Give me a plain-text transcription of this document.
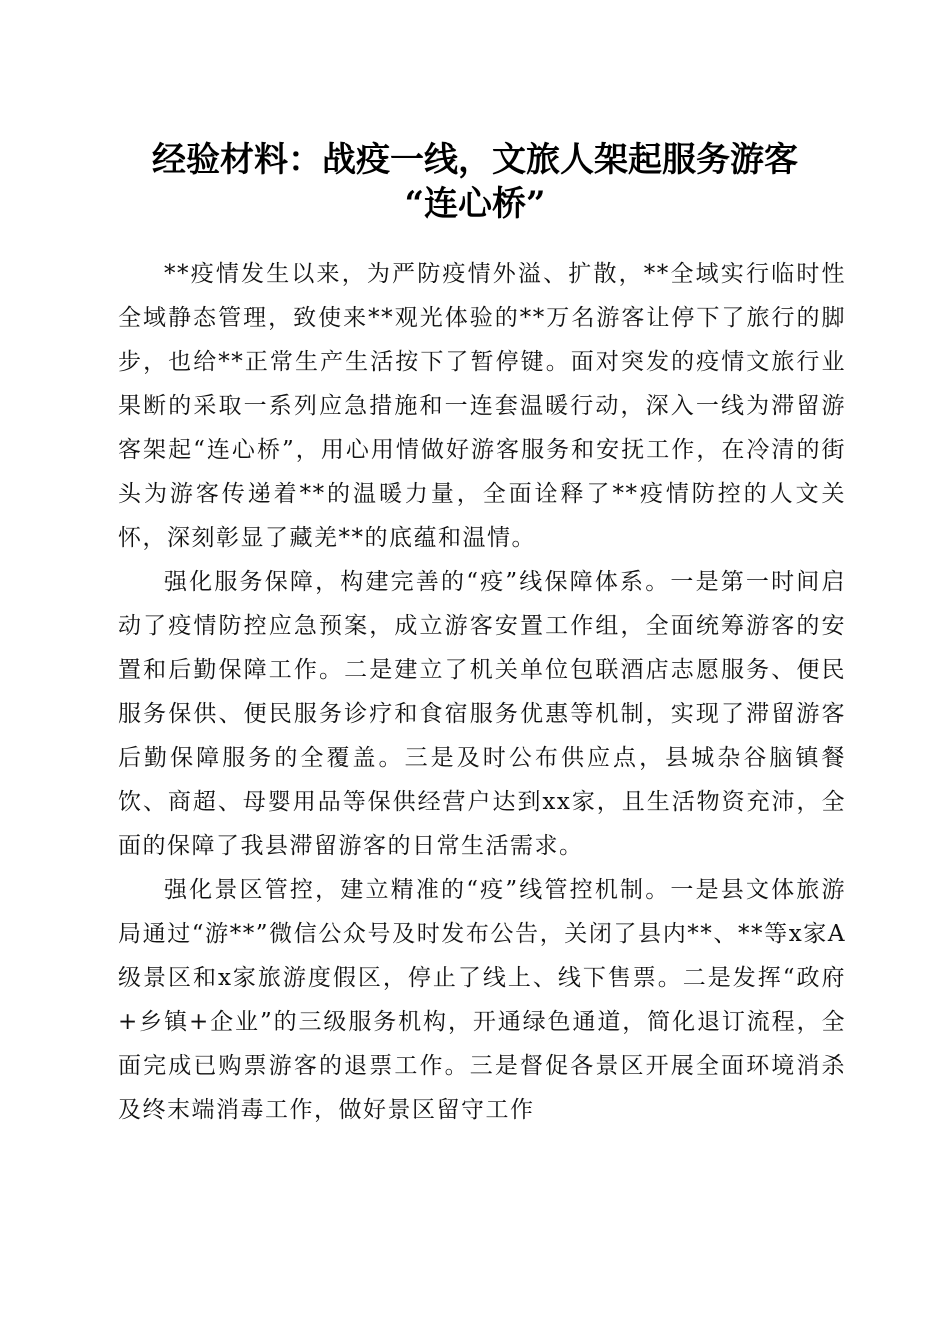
经验材料：战疫一线，文旅人架起服务游客
“连心桥”

**疫情发生以来，为严防疫情外溢、扩散，**全域实行临时性全域静态管理，致使来**观光体验的**万名游客让停下了旅行的脚步，也给**正常生产生活按下了暂停键。面对突发的疫情文旅行业果断的采取一系列应急措施和一连套温暖行动，深入一线为滞留游客架起“连心桥”，用心用情做好游客服务和安抚工作，在冷清的街头为游客传递着**的温暖力量，全面诠释了**疫情防控的人文关怀，深刻彰显了藏羌**的底蕴和温情。

强化服务保障，构建完善的“疫”线保障体系。一是第一时间启动了疫情防控应急预案，成立游客安置工作组，全面统筹游客的安置和后勤保障工作。二是建立了机关单位包联酒店志愿服务、便民服务保供、便民服务诊疗和食宿服务优惠等机制，实现了滞留游客后勤保障服务的全覆盖。三是及时公布供应点，县城杂谷脑镇餐饮、商超、母婴用品等保供经营户达到xx家，且生活物资充沛，全面的保障了我县滞留游客的日常生活需求。

强化景区管控，建立精准的“疫”线管控机制。一是县文体旅游局通过“游**”微信公众号及时发布公告，关闭了县内**、**等x家A级景区和x家旅游度假区，停止了线上、线下售票。二是发挥“政府+乡镇+企业”的三级服务机构，开通绿色通道，简化退订流程，全面完成已购票游客的退票工作。三是督促各景区开展全面环境消杀及终末端消毒工作，做好景区留守工作
